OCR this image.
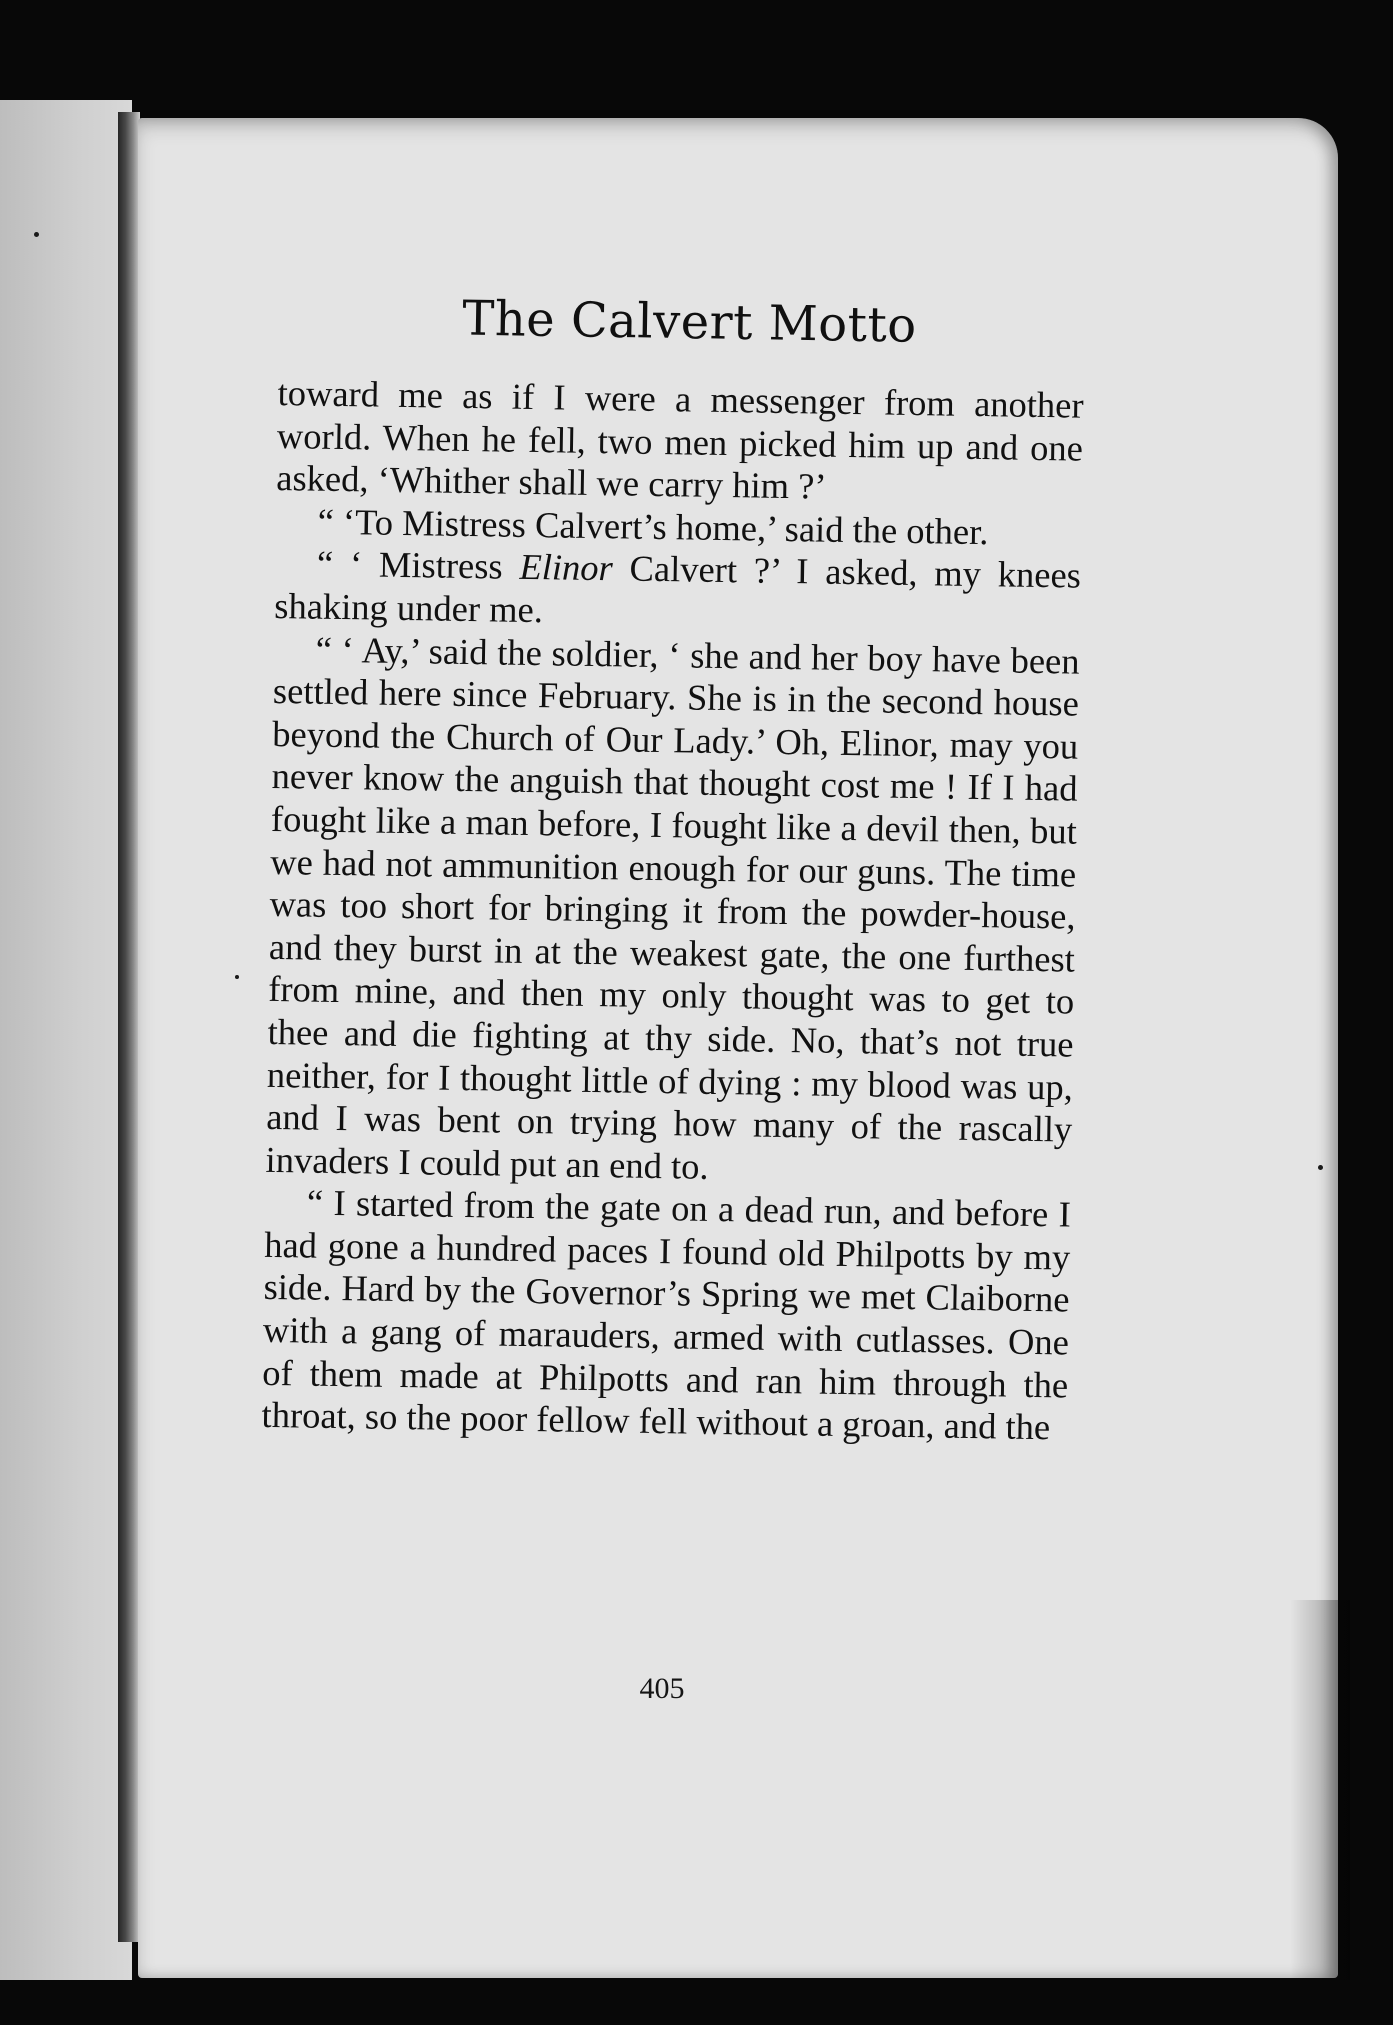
The Calvert Motto

toward me as if I were a messenger from another world. When he fell, two men picked him up and one asked, ‘Whither shall we carry him ?’

“ ‘To Mistress Calvert’s home,’ said the other.

“ ‘ Mistress Elinor Calvert ?’ I asked, my knees shaking under me.

“ ‘ Ay,’ said the soldier, ‘ she and her boy have been settled here since February. She is in the second house beyond the Church of Our Lady.’ Oh, Elinor, may you never know the anguish that thought cost me ! If I had fought like a man before, I fought like a devil then, but we had not ammunition enough for our guns. The time was too short for bringing it from the powder-house, and they burst in at the weakest gate, the one furthest from mine, and then my only thought was to get to thee and die fighting at thy side. No, that’s not true neither, for I thought little of dying : my blood was up, and I was bent on trying how many of the rascally invaders I could put an end to.

“ I started from the gate on a dead run, and before I had gone a hundred paces I found old Philpotts by my side. Hard by the Governor’s Spring we met Claiborne with a gang of marauders, armed with cutlasses. One of them made at Philpotts and ran him through the throat, so the poor fellow fell without a groan, and the

405
